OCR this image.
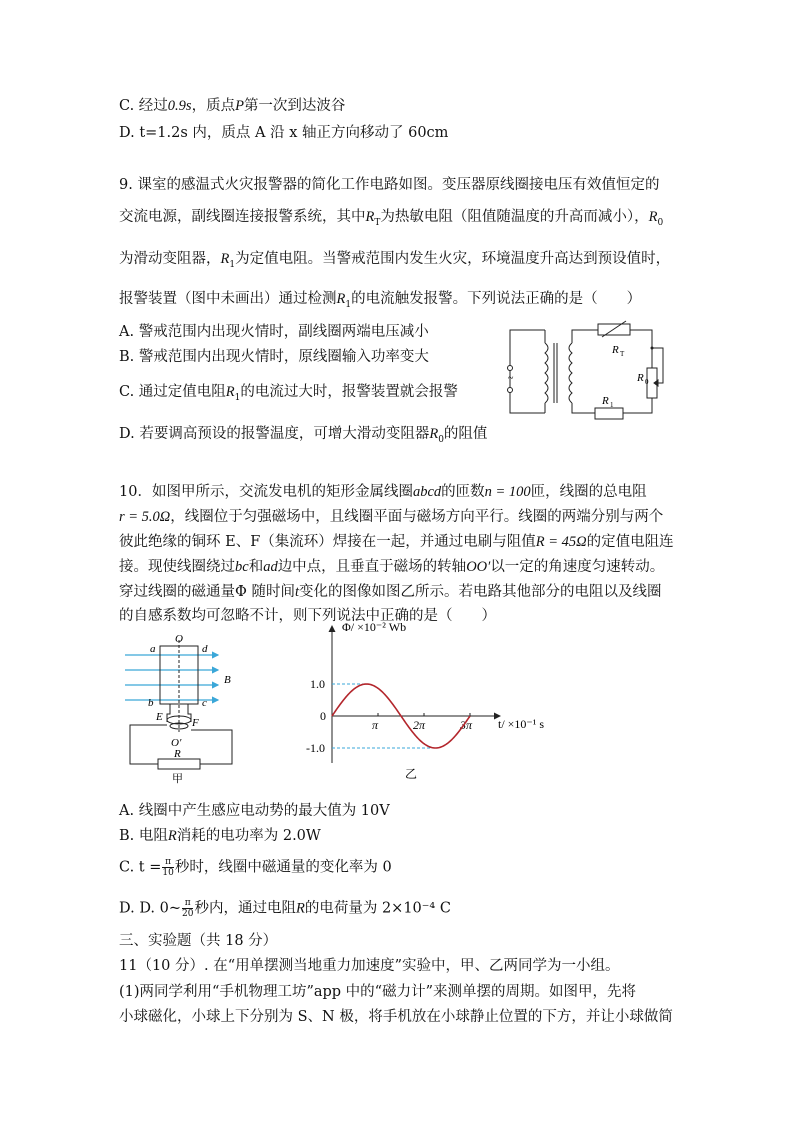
C. 经过0.9s，质点P第一次到达波谷
D. t=1.2s 内，质点 A 沿 x 轴正方向移动了 60cm
9. 课室的感温式火灾报警器的简化工作电路如图。变压器原线圈接电压有效值恒定的
交流电源，副线圈连接报警系统，其中$R_T$为热敏电阻（阻值随温度的升高而减小），$R_0$
为滑动变阻器，$R_1$为定值电阻。当警戒范围内发生火灾，环境温度升高达到预设值时，
报警装置（图中未画出）通过检测$R_1$的电流触发报警。下列说法正确的是（　　）
A. 警戒范围内出现火情时，副线圈两端电压减小
B. 警戒范围内出现火情时，原线圈输入功率变大
C. 通过定值电阻$R_1$的电流过大时，报警装置就会报警
D. 若要调高预设的报警温度，可增大滑动变阻器$R_0$的阻值
~
R T
R 0
R 1
10．如图甲所示，交流发电机的矩形金属线圈abcd的匝数n = 100匝，线圈的总电阻
r = 5.0Ω，线圈位于匀强磁场中，且线圈平面与磁场方向平行。线圈的两端分别与两个
彼此绝缘的铜环 E、F（集流环）焊接在一起，并通过电刷与阻值R = 45Ω的定值电阻连
接。现使线圈绕过bc和ad边中点，且垂直于磁场的转轴OO′以一定的角速度匀速转动。
穿过线圈的磁通量Φ 随时间t变化的图像如图乙所示。若电路其他部分的电阻以及线圈
的自感系数均可忽略不计，则下列说法中正确的是（　　）
O
a	d
B
b	c
E	F
O′
R
甲
Φ/ ×10⁻² Wb
t/ ×10⁻¹ s
1.0
0
-1.0
π	2π	3π
乙
A. 线圈中产生感应电动势的最大值为 10V
B. 电阻R消耗的电功率为 2.0W
C. $t = \frac{\pi}{10}$ 秒时，线圈中磁通量的变化率为 0
D. D. 0~ $\frac{\pi}{20}$ 秒内，通过电阻R的电荷量为 2×10⁻⁴ C
三、实验题（共 18 分）
11（10 分）. 在“用单摆测当地重力加速度”实验中，甲、乙两同学为一小组。
(1)两同学利用“手机物理工坊”app 中的“磁力计”来测单摆的周期。如图甲，先将
小球磁化，小球上下分别为 S、N 极，将手机放在小球静止位置的下方，并让小球做简
